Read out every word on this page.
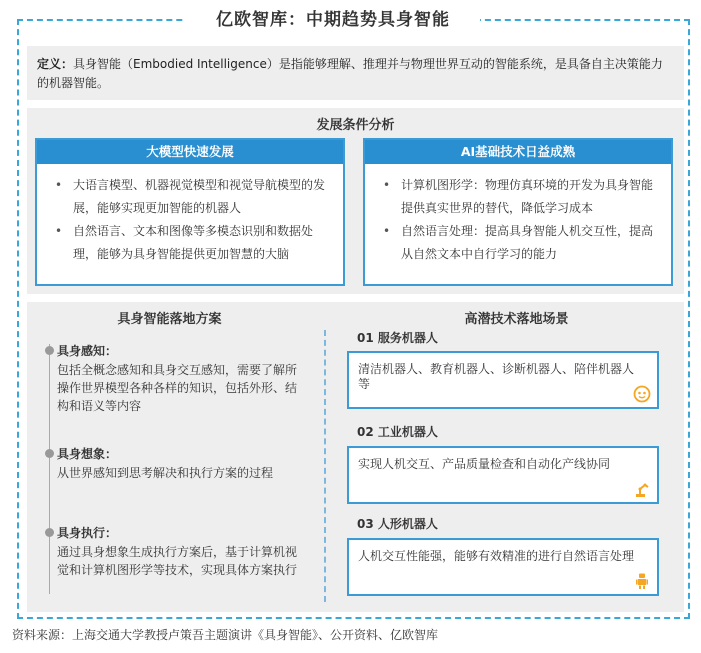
亿欧智库：中期趋势具身智能
定义：具身智能（Embodied Intelligence）是指能够理解、推理并与物理世界互动的智能系统，是具备自主决策能力的机器智能。
发展条件分析
大模型快速发展
• 大语言模型、机器视觉模型和视觉导航模型的发展，能够实现更加智能的机器人
• 自然语言、文本和图像等多模态识别和数据处理，能够为具身智能提供更加智慧的大脑
AI基础技术日益成熟
• 计算机图形学：物理仿真环境的开发为具身智能提供真实世界的替代，降低学习成本
• 自然语言处理：提高具身智能人机交互性，提高从自然文本中自行学习的能力
具身智能落地方案	高潜技术落地场景
具身感知：
包括全概念感知和具身交互感知，需要了解所操作世界模型各种各样的知识，包括外形、结构和语义等内容
具身想象：
从世界感知到思考解决和执行方案的过程
具身执行：
通过具身想象生成执行方案后，基于计算机视觉和计算机图形学等技术，实现具体方案执行
01 服务机器人
清洁机器人、教育机器人、诊断机器人、陪伴机器人等
02 工业机器人
实现人机交互、产品质量检查和自动化产线协同
03 人形机器人
人机交互性能强，能够有效精准的进行自然语言处理
资料来源：上海交通大学教授卢策吾主题演讲《具身智能》、公开资料、亿欧智库
